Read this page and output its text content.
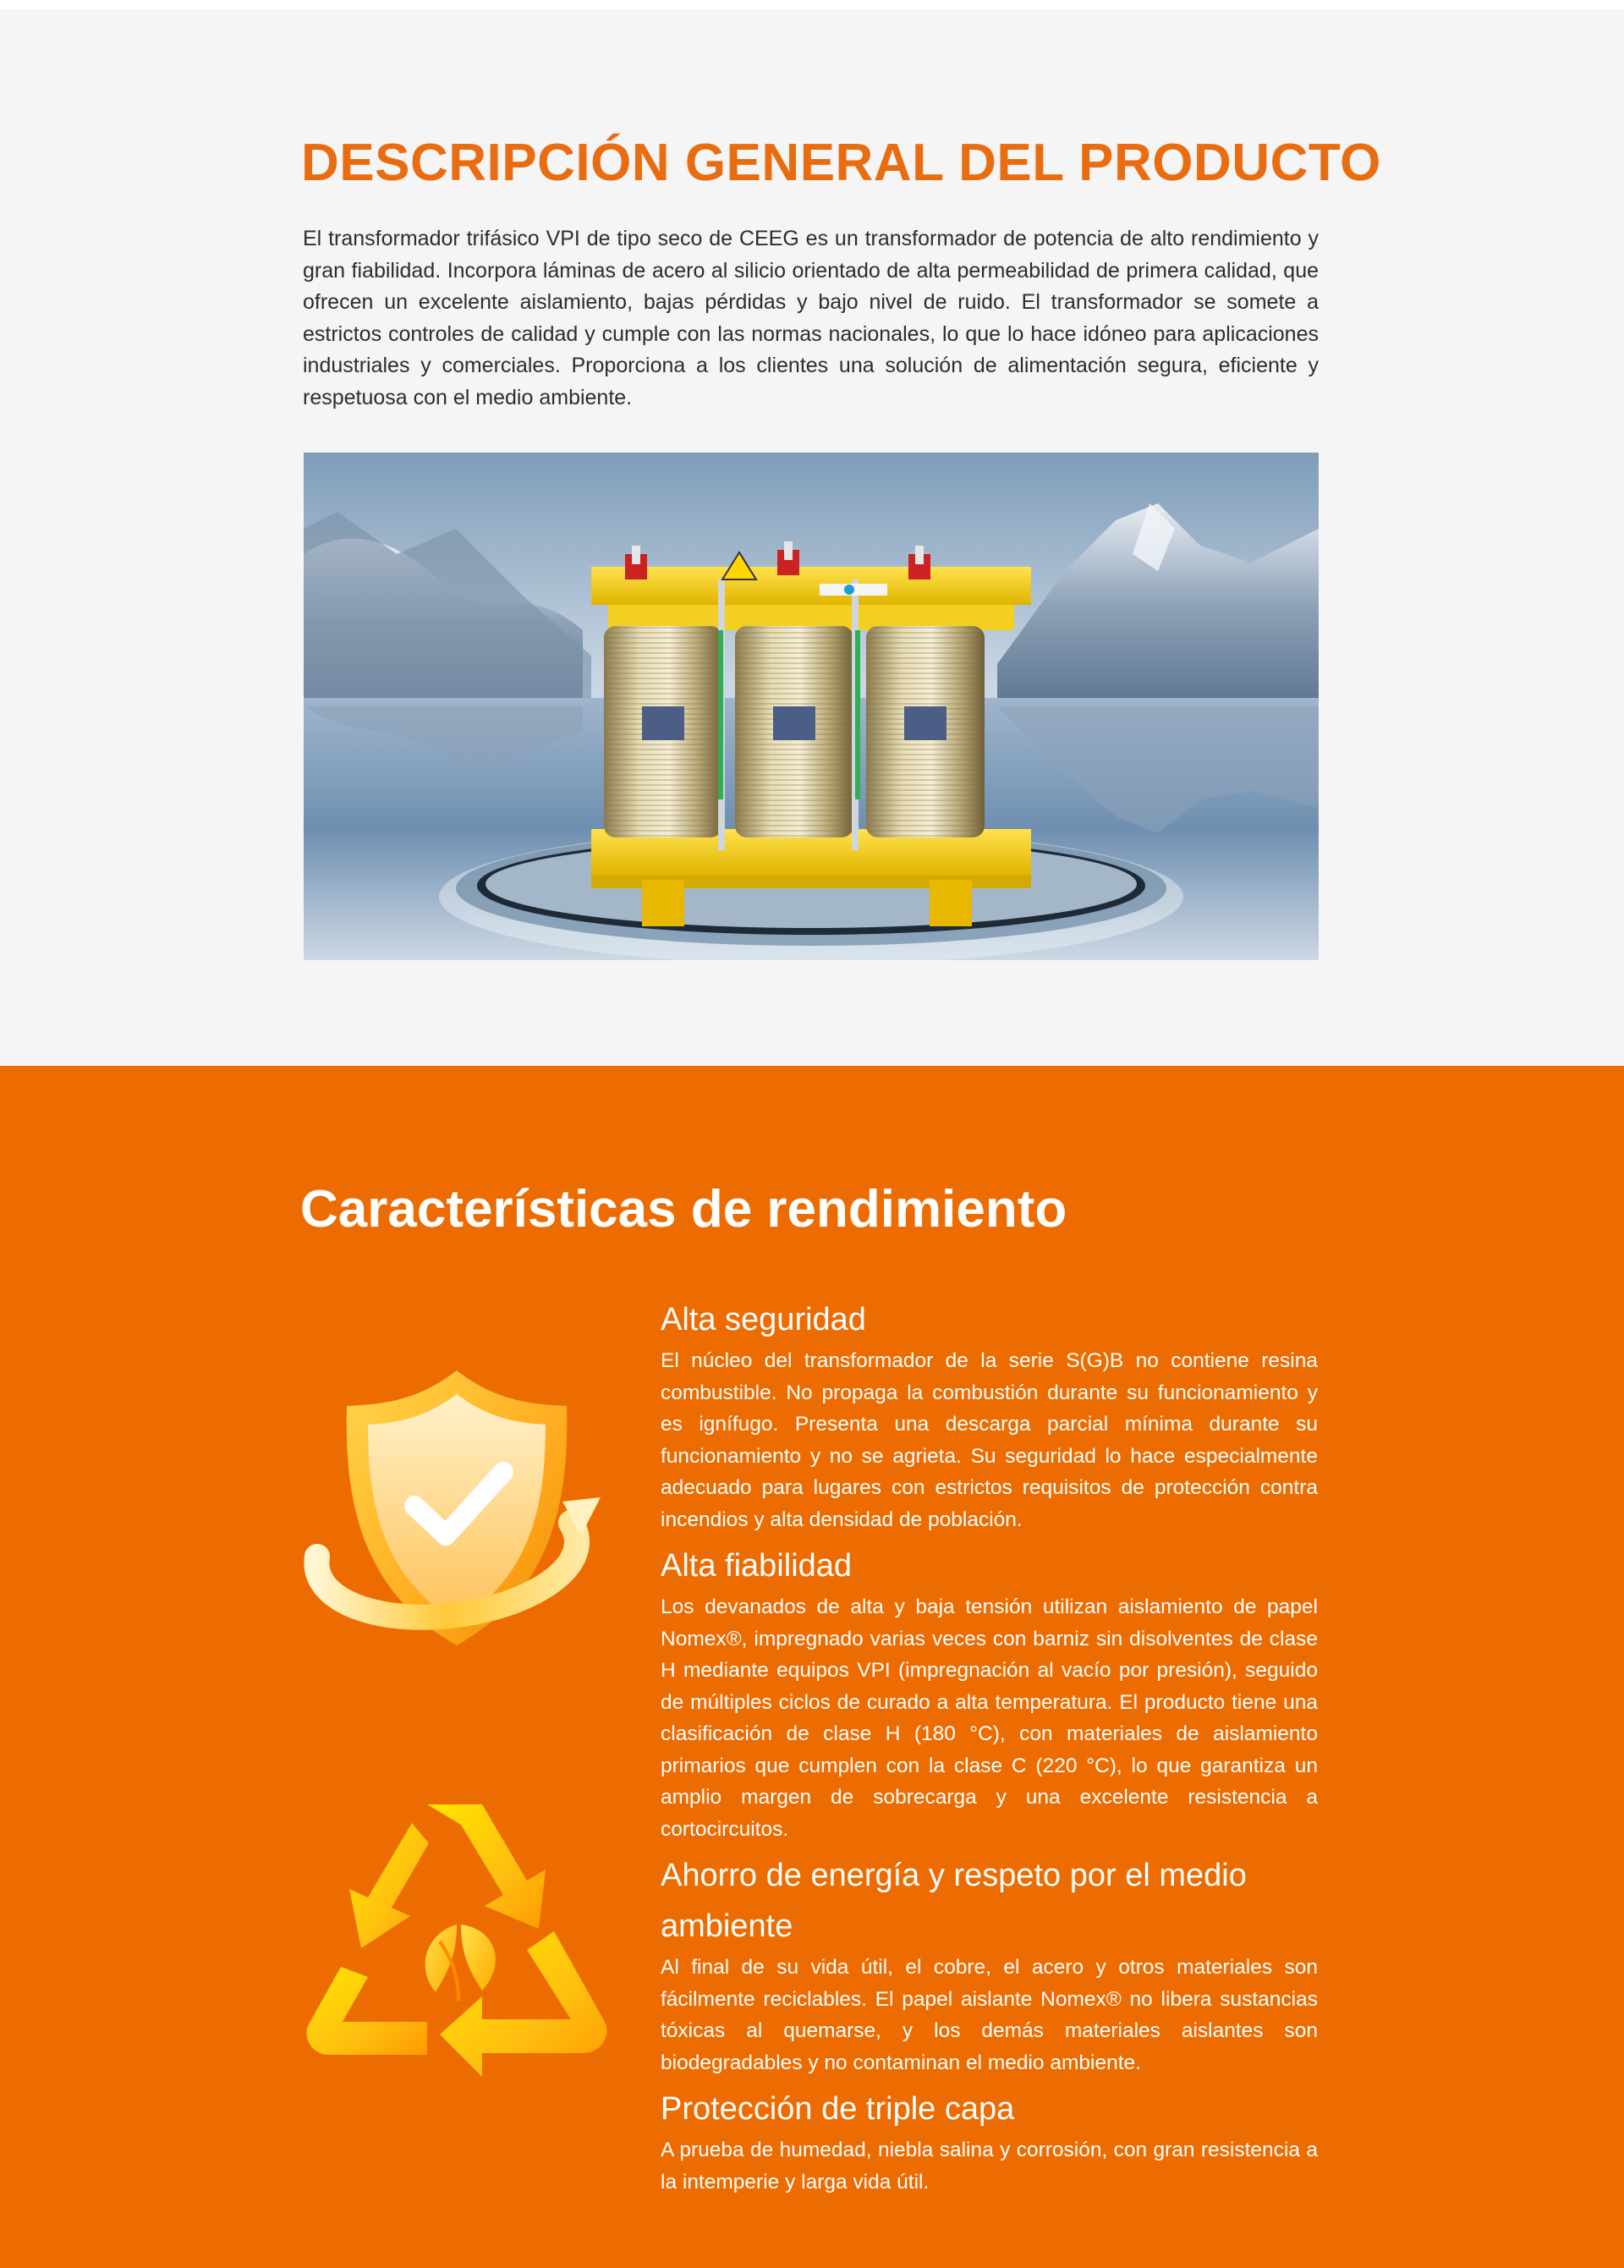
DESCRIPCIÓN GENERAL DEL PRODUCTO

El transformador trifásico VPI de tipo seco de CEEG es un transformador de potencia de alto rendimiento y gran fiabilidad. Incorpora láminas de acero al silicio orientado de alta permeabilidad de primera calidad, que ofrecen un excelente aislamiento, bajas pérdidas y bajo nivel de ruido. El transformador se somete a estrictos controles de calidad y cumple con las normas nacionales, lo que lo hace idóneo para aplicaciones industriales y comerciales. Proporciona a los clientes una solución de alimentación segura, eficiente y respetuosa con el medio ambiente.

Características de rendimiento
Alta seguridad

El núcleo del transformador de la serie S(G)B no contiene resina combustible. No propaga la combustión durante su funcionamiento y es ignífugo. Presenta una descarga parcial mínima durante su funcionamiento y no se agrieta. Su seguridad lo hace especialmente adecuado para lugares con estrictos requisitos de protección contra incendios y alta densidad de población.

Alta fiabilidad

Los devanados de alta y baja tensión utilizan aislamiento de papel Nomex®, impregnado varias veces con barniz sin disolventes de clase H mediante equipos VPI (impregnación al vacío por presión), seguido de múltiples ciclos de curado a alta temperatura. El producto tiene una clasificación de clase H (180 °C), con materiales de aislamiento primarios que cumplen con la clase C (220 °C), lo que garantiza un amplio margen de sobrecarga y una excelente resistencia a cortocircuitos.

Ahorro de energía y respeto por el medio ambiente

Al final de su vida útil, el cobre, el acero y otros materiales son fácilmente reciclables. El papel aislante Nomex® no libera sustancias tóxicas al quemarse, y los demás materiales aislantes son biodegradables y no contaminan el medio ambiente.

Protección de triple capa

A prueba de humedad, niebla salina y corrosión, con gran resistencia a la intemperie y larga vida útil.
